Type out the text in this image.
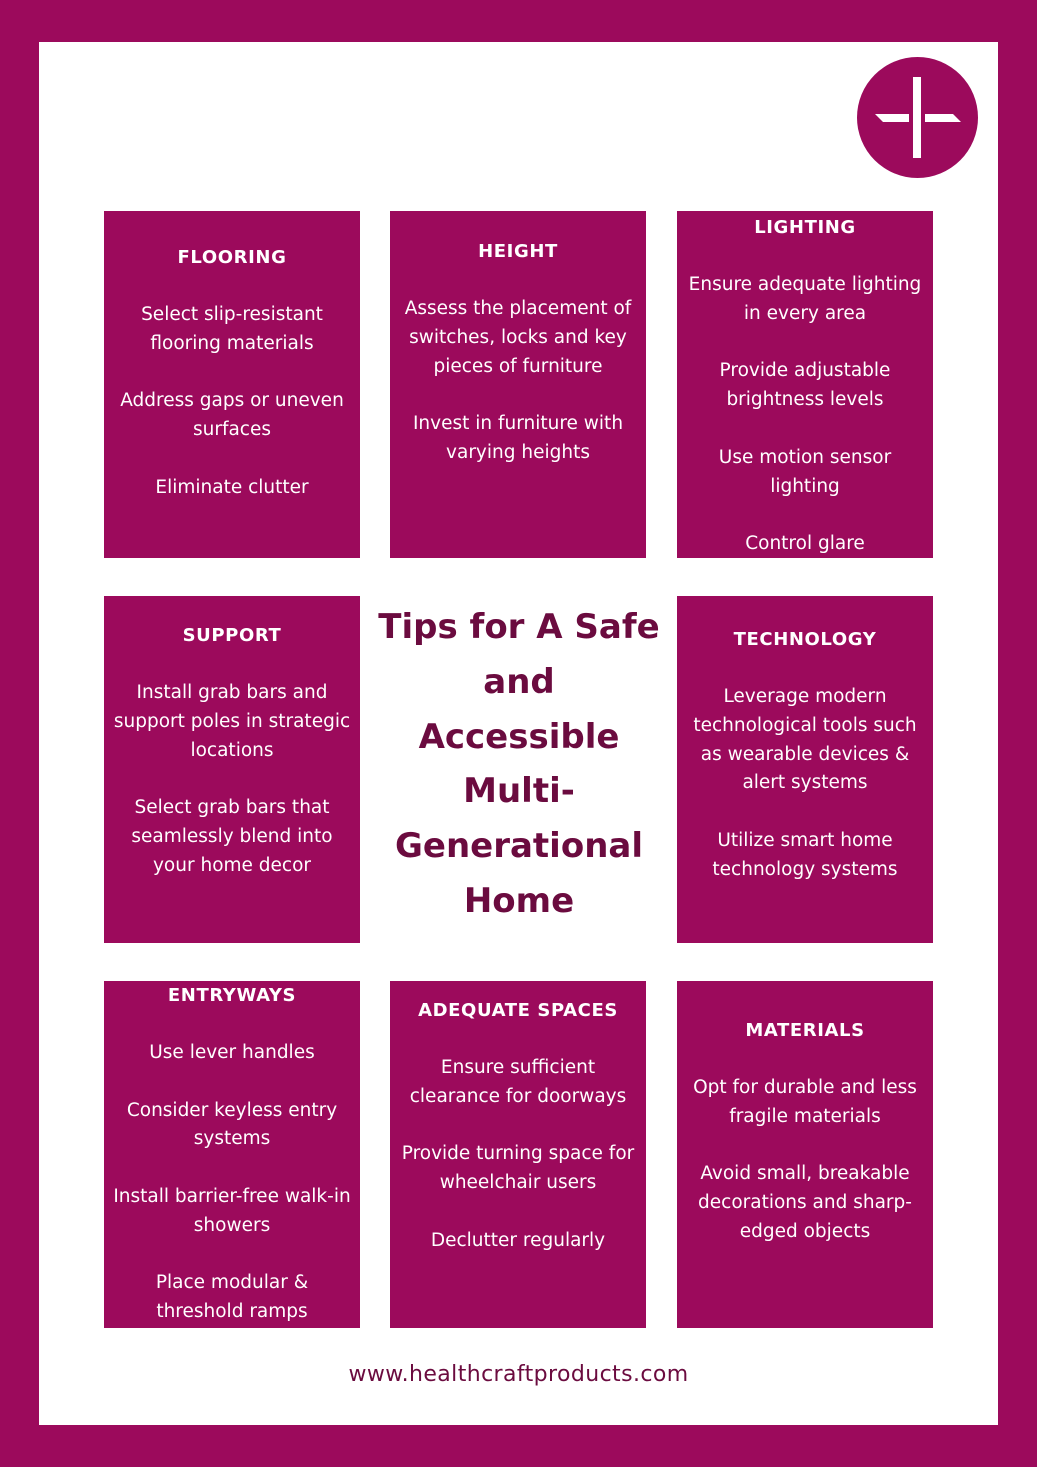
FLOORING
Select slip-resistant flooring materials
Address gaps or uneven surfaces
Eliminate clutter
HEIGHT
Assess the placement of switches, locks and key pieces of furniture
Invest in furniture with varying heights
LIGHTING
Ensure adequate lighting in every area
Provide adjustable brightness levels
Use motion sensor lighting
Control glare
SUPPORT
Install grab bars and support poles in strategic locations
Select grab bars that seamlessly blend into your home decor
Tips for A Safe and Accessible Multi-Generational Home
TECHNOLOGY
Leverage modern technological tools such as wearable devices & alert systems
Utilize smart home technology systems
ENTRYWAYS
Use lever handles
Consider keyless entry systems
Install barrier-free walk-in showers
Place modular & threshold ramps
ADEQUATE SPACES
Ensure sufficient clearance for doorways
Provide turning space for wheelchair users
Declutter regularly
MATERIALS
Opt for durable and less fragile materials
Avoid small, breakable decorations and sharp-edged objects
www.healthcraftproducts.com
